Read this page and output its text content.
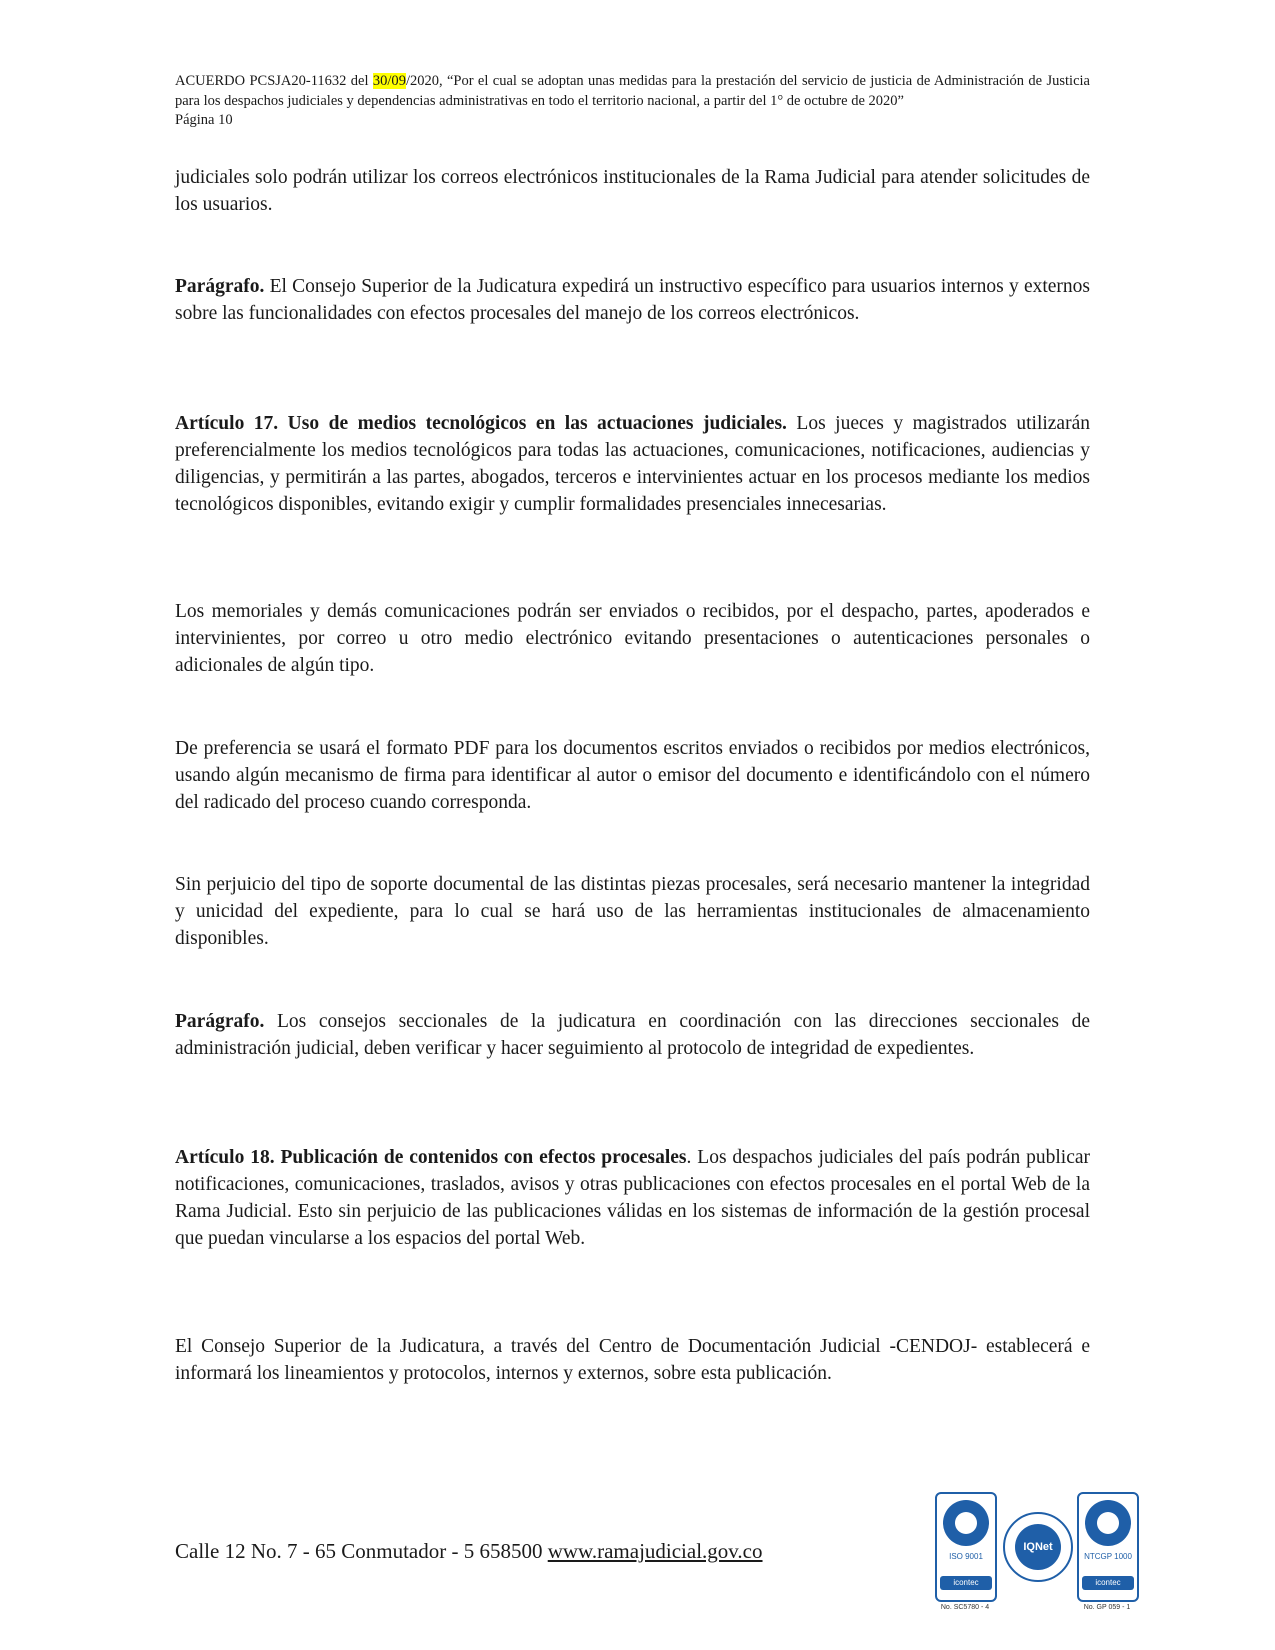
ACUERDO PCSJA20-11632 del 30/09/2020, “Por el cual se adoptan unas medidas para la prestación del servicio de justicia de Administración de Justicia para los despachos judiciales y dependencias administrativas en todo el territorio nacional, a partir del 1° de octubre de 2020”
Página 10
judiciales solo podrán utilizar los correos electrónicos institucionales de la Rama Judicial para atender solicitudes de los usuarios.
Parágrafo. El Consejo Superior de la Judicatura expedirá un instructivo específico para usuarios internos y externos sobre las funcionalidades con efectos procesales del manejo de los correos electrónicos.
Artículo 17. Uso de medios tecnológicos en las actuaciones judiciales. Los jueces y magistrados utilizarán preferencialmente los medios tecnológicos para todas las actuaciones, comunicaciones, notificaciones, audiencias y diligencias, y permitirán a las partes, abogados, terceros e intervinientes actuar en los procesos mediante los medios tecnológicos disponibles, evitando exigir y cumplir formalidades presenciales innecesarias.
Los memoriales y demás comunicaciones podrán ser enviados o recibidos, por el despacho, partes, apoderados e intervinientes, por correo u otro medio electrónico evitando presentaciones o autenticaciones personales o adicionales de algún tipo.
De preferencia se usará el formato PDF para los documentos escritos enviados o recibidos por medios electrónicos, usando algún mecanismo de firma para identificar al autor o emisor del documento e identificándolo con el número del radicado del proceso cuando corresponda.
Sin perjuicio del tipo de soporte documental de las distintas piezas procesales, será necesario mantener la integridad y unicidad del expediente, para lo cual se hará uso de las herramientas institucionales de almacenamiento disponibles.
Parágrafo. Los consejos seccionales de la judicatura en coordinación con las direcciones seccionales de administración judicial, deben verificar y hacer seguimiento al protocolo de integridad de expedientes.
Artículo 18. Publicación de contenidos con efectos procesales. Los despachos judiciales del país podrán publicar notificaciones, comunicaciones, traslados, avisos y otras publicaciones con efectos procesales en el portal Web de la Rama Judicial. Esto sin perjuicio de las publicaciones válidas en los sistemas de información de la gestión procesal que puedan vincularse a los espacios del portal Web.
El Consejo Superior de la Judicatura, a través del Centro de Documentación Judicial -CENDOJ- establecerá e informará los lineamientos y protocolos, internos y externos, sobre esta publicación.
Calle 12 No. 7 - 65 Conmutador - 5 658500 www.ramajudicial.gov.co	ISO 9001
icontec
No. SC5780 - 4
IQNet
NTCGP 1000
icontec
No. GP 059 - 1
